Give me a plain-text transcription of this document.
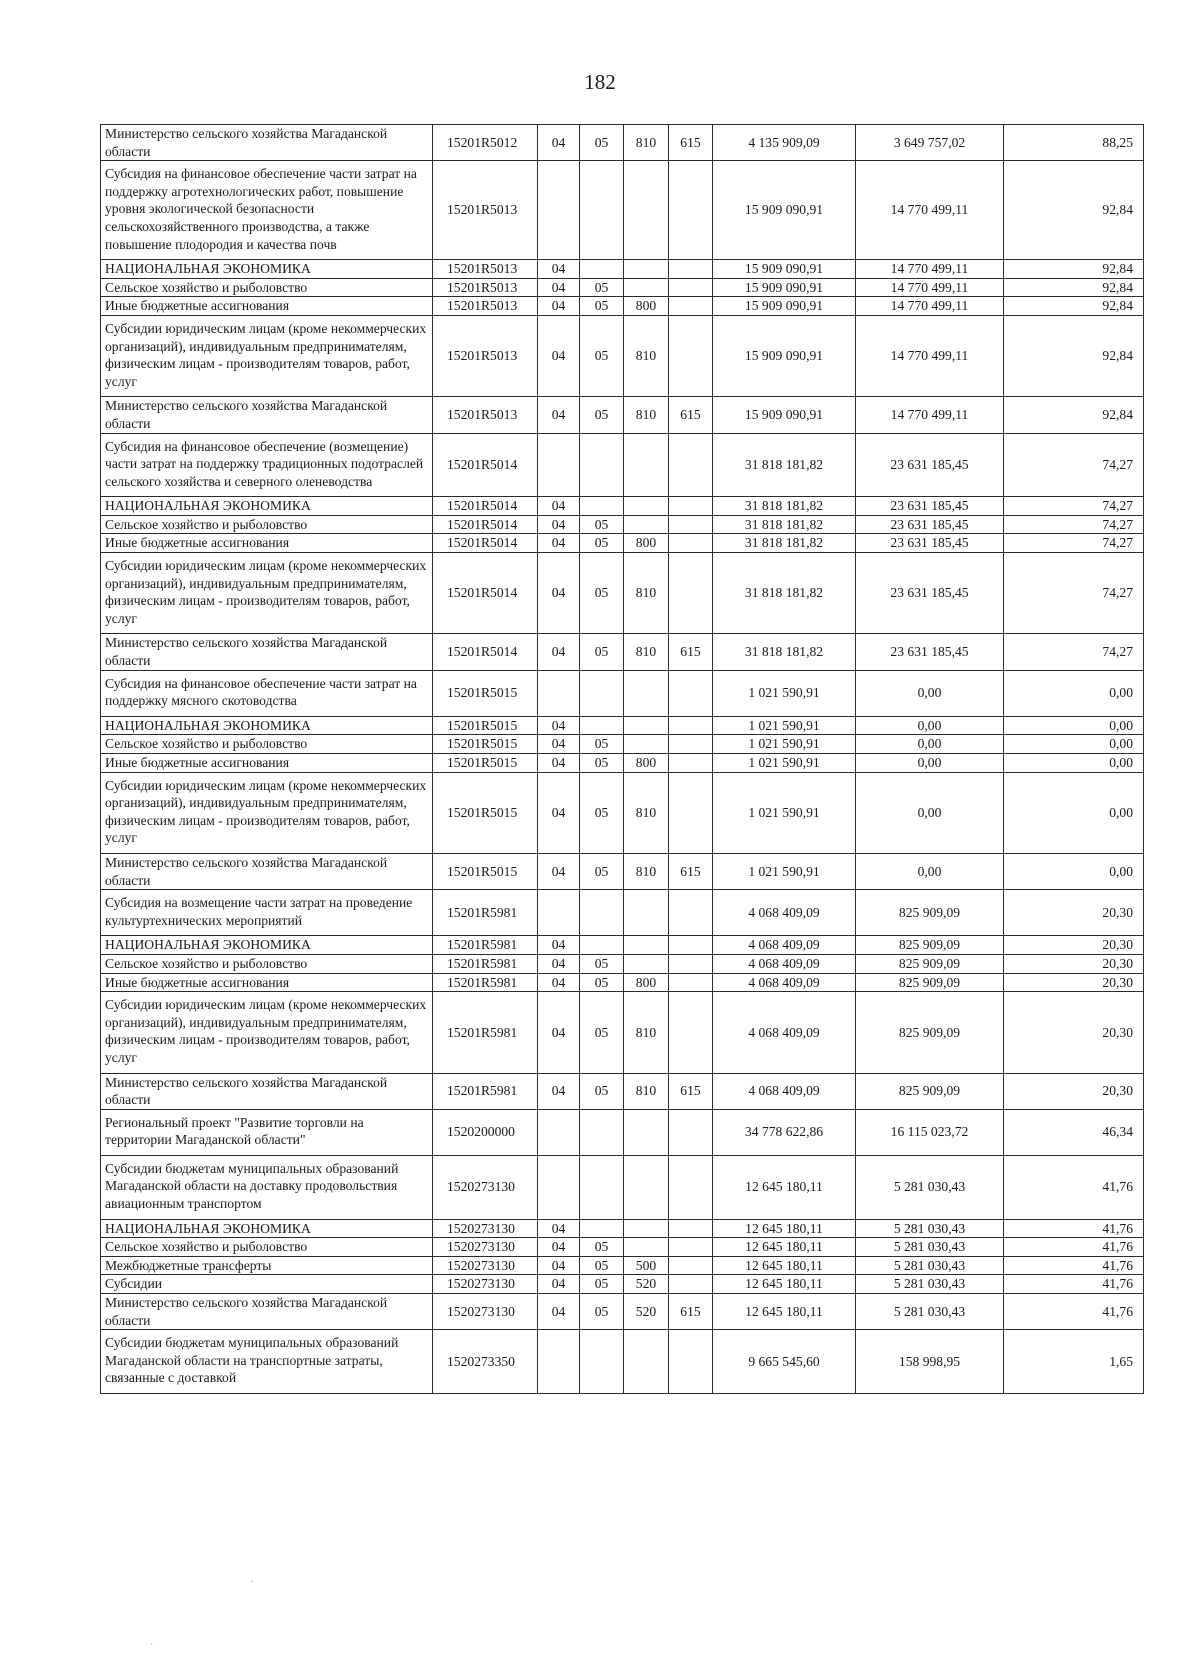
182
Министерство сельского хозяйства Магаданской области	15201R5012	04	05	810	615	4 135 909,09	3 649 757,02	88,25
Субсидия на финансовое обеспечение части затрат на поддержку агротехнологических работ, повышение уровня экологической безопасности сельскохозяйственного производства, а также повышение плодородия и качества почв	15201R5013					15 909 090,91	14 770 499,11	92,84
НАЦИОНАЛЬНАЯ ЭКОНОМИКА	15201R5013	04				15 909 090,91	14 770 499,11	92,84
Сельское хозяйство и рыболовство	15201R5013	04	05			15 909 090,91	14 770 499,11	92,84
Иные бюджетные ассигнования	15201R5013	04	05	800		15 909 090,91	14 770 499,11	92,84
Субсидии юридическим лицам (кроме некоммерческих организаций), индивидуальным предпринимателям, физическим лицам - производителям товаров, работ, услуг	15201R5013	04	05	810		15 909 090,91	14 770 499,11	92,84
Министерство сельского хозяйства Магаданской области	15201R5013	04	05	810	615	15 909 090,91	14 770 499,11	92,84
Субсидия на финансовое обеспечение (возмещение) части затрат на поддержку традиционных подотраслей сельского хозяйства и северного оленеводства	15201R5014					31 818 181,82	23 631 185,45	74,27
НАЦИОНАЛЬНАЯ ЭКОНОМИКА	15201R5014	04				31 818 181,82	23 631 185,45	74,27
Сельское хозяйство и рыболовство	15201R5014	04	05			31 818 181,82	23 631 185,45	74,27
Иные бюджетные ассигнования	15201R5014	04	05	800		31 818 181,82	23 631 185,45	74,27
Субсидии юридическим лицам (кроме некоммерческих организаций), индивидуальным предпринимателям, физическим лицам - производителям товаров, работ, услуг	15201R5014	04	05	810		31 818 181,82	23 631 185,45	74,27
Министерство сельского хозяйства Магаданской области	15201R5014	04	05	810	615	31 818 181,82	23 631 185,45	74,27
Субсидия на финансовое обеспечение части затрат на поддержку мясного скотоводства	15201R5015					1 021 590,91	0,00	0,00
НАЦИОНАЛЬНАЯ ЭКОНОМИКА	15201R5015	04				1 021 590,91	0,00	0,00
Сельское хозяйство и рыболовство	15201R5015	04	05			1 021 590,91	0,00	0,00
Иные бюджетные ассигнования	15201R5015	04	05	800		1 021 590,91	0,00	0,00
Субсидии юридическим лицам (кроме некоммерческих организаций), индивидуальным предпринимателям, физическим лицам - производителям товаров, работ, услуг	15201R5015	04	05	810		1 021 590,91	0,00	0,00
Министерство сельского хозяйства Магаданской области	15201R5015	04	05	810	615	1 021 590,91	0,00	0,00
Субсидия на возмещение части затрат на проведение культуртехнических мероприятий	15201R5981					4 068 409,09	825 909,09	20,30
НАЦИОНАЛЬНАЯ ЭКОНОМИКА	15201R5981	04				4 068 409,09	825 909,09	20,30
Сельское хозяйство и рыболовство	15201R5981	04	05			4 068 409,09	825 909,09	20,30
Иные бюджетные ассигнования	15201R5981	04	05	800		4 068 409,09	825 909,09	20,30
Субсидии юридическим лицам (кроме некоммерческих организаций), индивидуальным предпринимателям, физическим лицам - производителям товаров, работ, услуг	15201R5981	04	05	810		4 068 409,09	825 909,09	20,30
Министерство сельского хозяйства Магаданской области	15201R5981	04	05	810	615	4 068 409,09	825 909,09	20,30
Региональный проект "Развитие торговли на территории Магаданской области"	1520200000					34 778 622,86	16 115 023,72	46,34
Субсидии бюджетам муниципальных образований Магаданской области на доставку продовольствия авиационным транспортом	1520273130					12 645 180,11	5 281 030,43	41,76
НАЦИОНАЛЬНАЯ ЭКОНОМИКА	1520273130	04				12 645 180,11	5 281 030,43	41,76
Сельское хозяйство и рыболовство	1520273130	04	05			12 645 180,11	5 281 030,43	41,76
Межбюджетные трансферты	1520273130	04	05	500		12 645 180,11	5 281 030,43	41,76
Субсидии	1520273130	04	05	520		12 645 180,11	5 281 030,43	41,76
Министерство сельского хозяйства Магаданской области	1520273130	04	05	520	615	12 645 180,11	5 281 030,43	41,76
Субсидии бюджетам муниципальных образований Магаданской области на транспортные затраты, связанные с доставкой	1520273350					9 665 545,60	158 998,95	1,65
·
·
